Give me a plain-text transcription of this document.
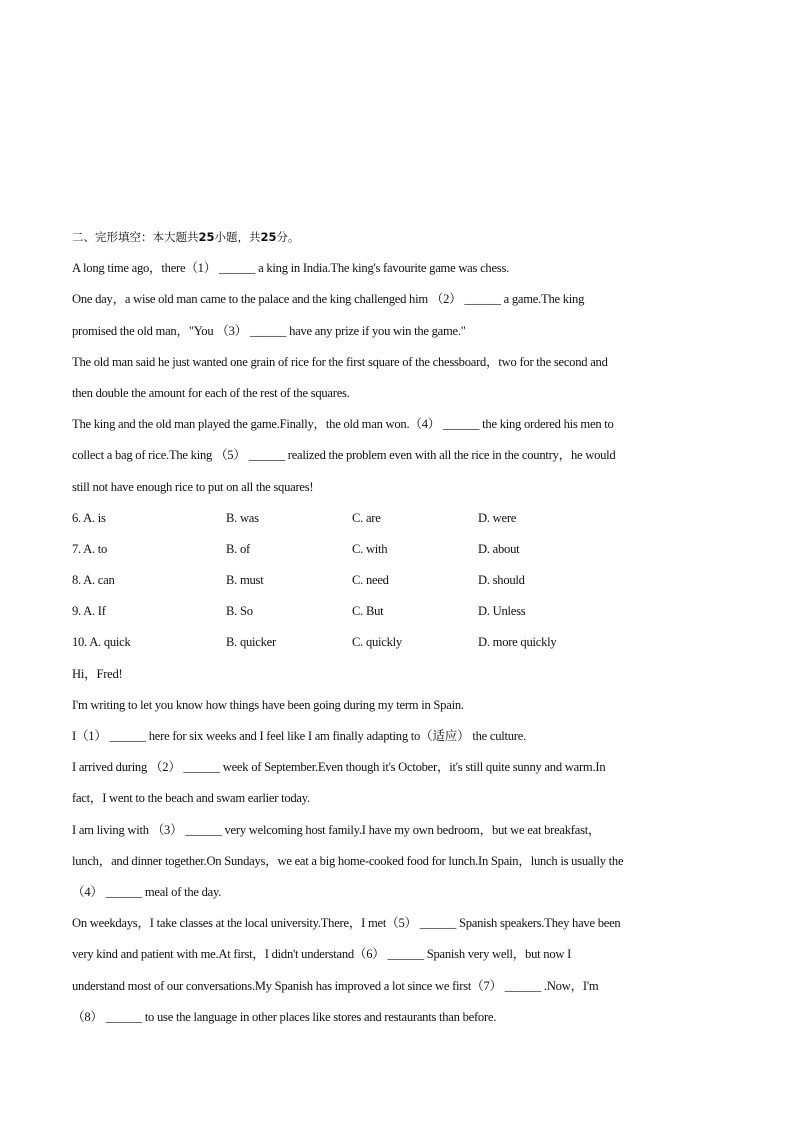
二、完形填空：本大题共25小题，共25分。
A long time ago，there（1） ______ a king in India.The king's favourite game was chess.
One day，a wise old man came to the palace and the king challenged him （2） ______ a game.The king
promised the old man，"You （3） ______ have any prize if you win the game."
The old man said he just wanted one grain of rice for the first square of the chessboard，two for the second and
then double the amount for each of the rest of the squares.
The king and the old man played the game.Finally，the old man won.（4） ______ the king ordered his men to
collect a bag of rice.The king （5） ______ realized the problem even with all the rice in the country，he would
still not have enough rice to put on all the squares!
6. A. is	B. was	C. are	D. were
7. A. to	B. of	C. with	D. about
8. A. can	B. must	C. need	D. should
9. A. If	B. So	C. But	D. Unless
10. A. quick	B. quicker	C. quickly	D. more quickly
Hi，Fred!
I'm writing to let you know how things have been going during my term in Spain.
I（1） ______ here for six weeks and I feel like I am finally adapting to（适应） the culture.
I arrived during （2） ______ week of September.Even though it's October，it's still quite sunny and warm.In
fact，I went to the beach and swam earlier today.
I am living with （3） ______ very welcoming host family.I have my own bedroom，but we eat breakfast，
lunch，and dinner together.On Sundays，we eat a big home-cooked food for lunch.In Spain，lunch is usually the
（4） ______ meal of the day.
On weekdays，I take classes at the local university.There，I met（5） ______ Spanish speakers.They have been
very kind and patient with me.At first，I didn't understand（6） ______ Spanish very well，but now I
understand most of our conversations.My Spanish has improved a lot since we first（7） ______ .Now，I'm
（8） ______ to use the language in other places like stores and restaurants than before.
